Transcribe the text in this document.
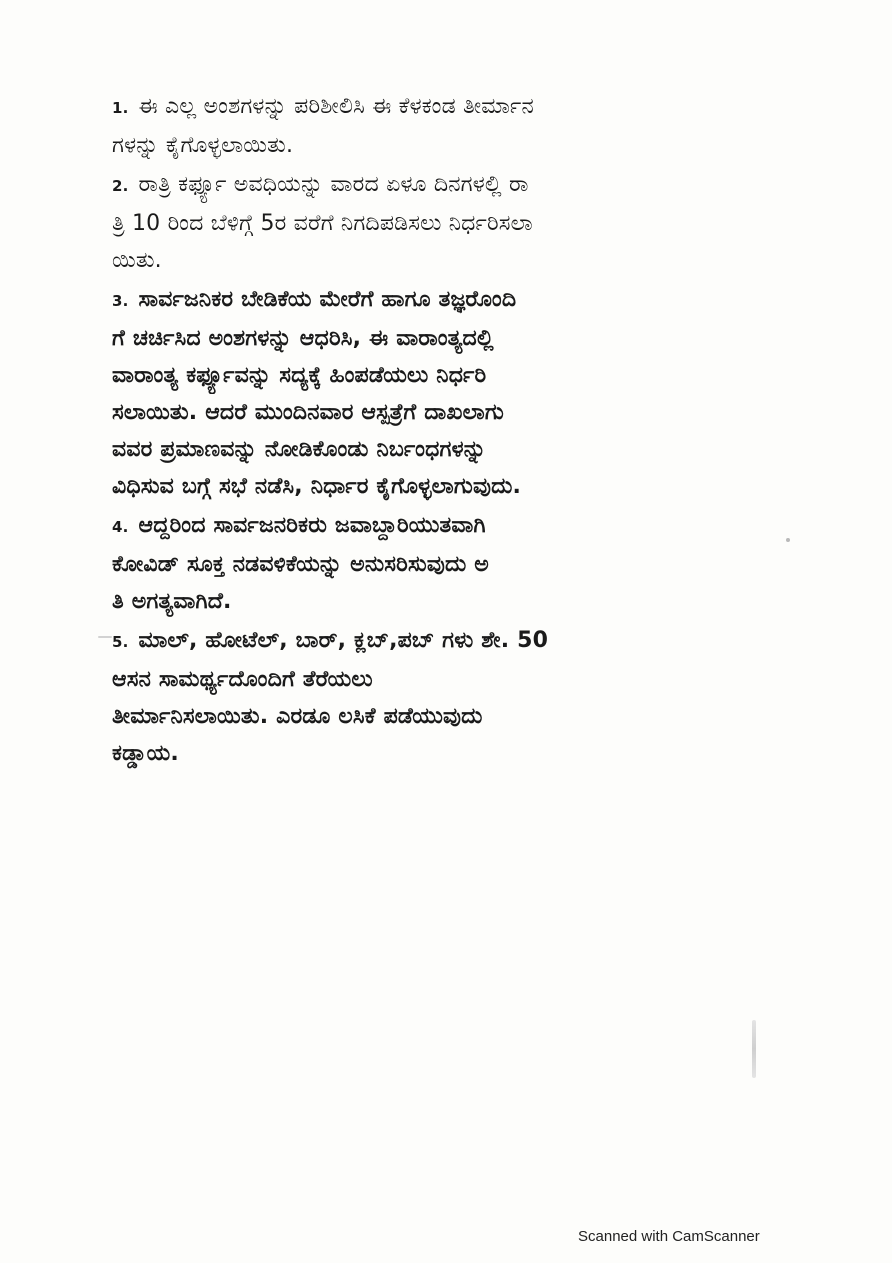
1. ಈ ಎಲ್ಲ ಅಂಶಗಳನ್ನು ಪರಿಶೀಲಿಸಿ ಈ ಕೆಳಕಂಡ ತೀರ್ಮಾನ
ಗಳನ್ನು ಕೈಗೊಳ್ಳಲಾಯಿತು.
2. ರಾತ್ರಿ ಕರ್ಫ್ಯೂ ಅವಧಿಯನ್ನು ವಾರದ ಏಳೂ ದಿನಗಳಲ್ಲಿ ರಾ
ತ್ರಿ 10 ರಿಂದ ಬೆಳಿಗ್ಗೆ 5ರ ವರೆಗೆ ನಿಗದಿಪಡಿಸಲು ನಿರ್ಧರಿಸಲಾ
ಯಿತು.
3. ಸಾರ್ವಜನಿಕರ ಬೇಡಿಕೆಯ ಮೇರೆಗೆ ಹಾಗೂ ತಜ್ಞರೊಂದಿ
ಗೆ ಚರ್ಚಿಸಿದ ಅಂಶಗಳನ್ನು ಆಧರಿಸಿ, ಈ ವಾರಾಂತ್ಯದಲ್ಲಿ
ವಾರಾಂತ್ಯ ಕರ್ಫ್ಯೂವನ್ನು ಸದ್ಯಕ್ಕೆ ಹಿಂಪಡೆಯಲು ನಿರ್ಧರಿ
ಸಲಾಯಿತು. ಆದರೆ ಮುಂದಿನವಾರ ಆಸ್ಪತ್ರೆಗೆ ದಾಖಲಾಗು
ವವರ ಪ್ರಮಾಣವನ್ನು ನೋಡಿಕೊಂಡು ನಿರ್ಬಂಧಗಳನ್ನು
ವಿಧಿಸುವ ಬಗ್ಗೆ ಸಭೆ ನಡೆಸಿ, ನಿರ್ಧಾರ ಕೈಗೊಳ್ಳಲಾಗುವುದು.
4. ಆದ್ದರಿಂದ ಸಾರ್ವಜನರಿಕರು ಜವಾಬ್ದಾರಿಯುತವಾಗಿ
ಕೋವಿಡ್ ಸೂಕ್ತ ನಡವಳಿಕೆಯನ್ನು ಅನುಸರಿಸುವುದು ಅ
ತಿ ಅಗತ್ಯವಾಗಿದೆ.
5. ಮಾಲ್, ಹೋಟೆಲ್, ಬಾರ್, ಕ್ಲಬ್,ಪಬ್ ಗಳು ಶೇ. 50
ಆಸನ ಸಾಮರ್ಥ್ಯದೊಂದಿಗೆ ತೆರೆಯಲು
ತೀರ್ಮಾನಿಸಲಾಯಿತು. ಎರಡೂ ಲಸಿಕೆ ಪಡೆಯುವುದು
ಕಡ್ಡಾಯ.
Scanned with CamScanner
